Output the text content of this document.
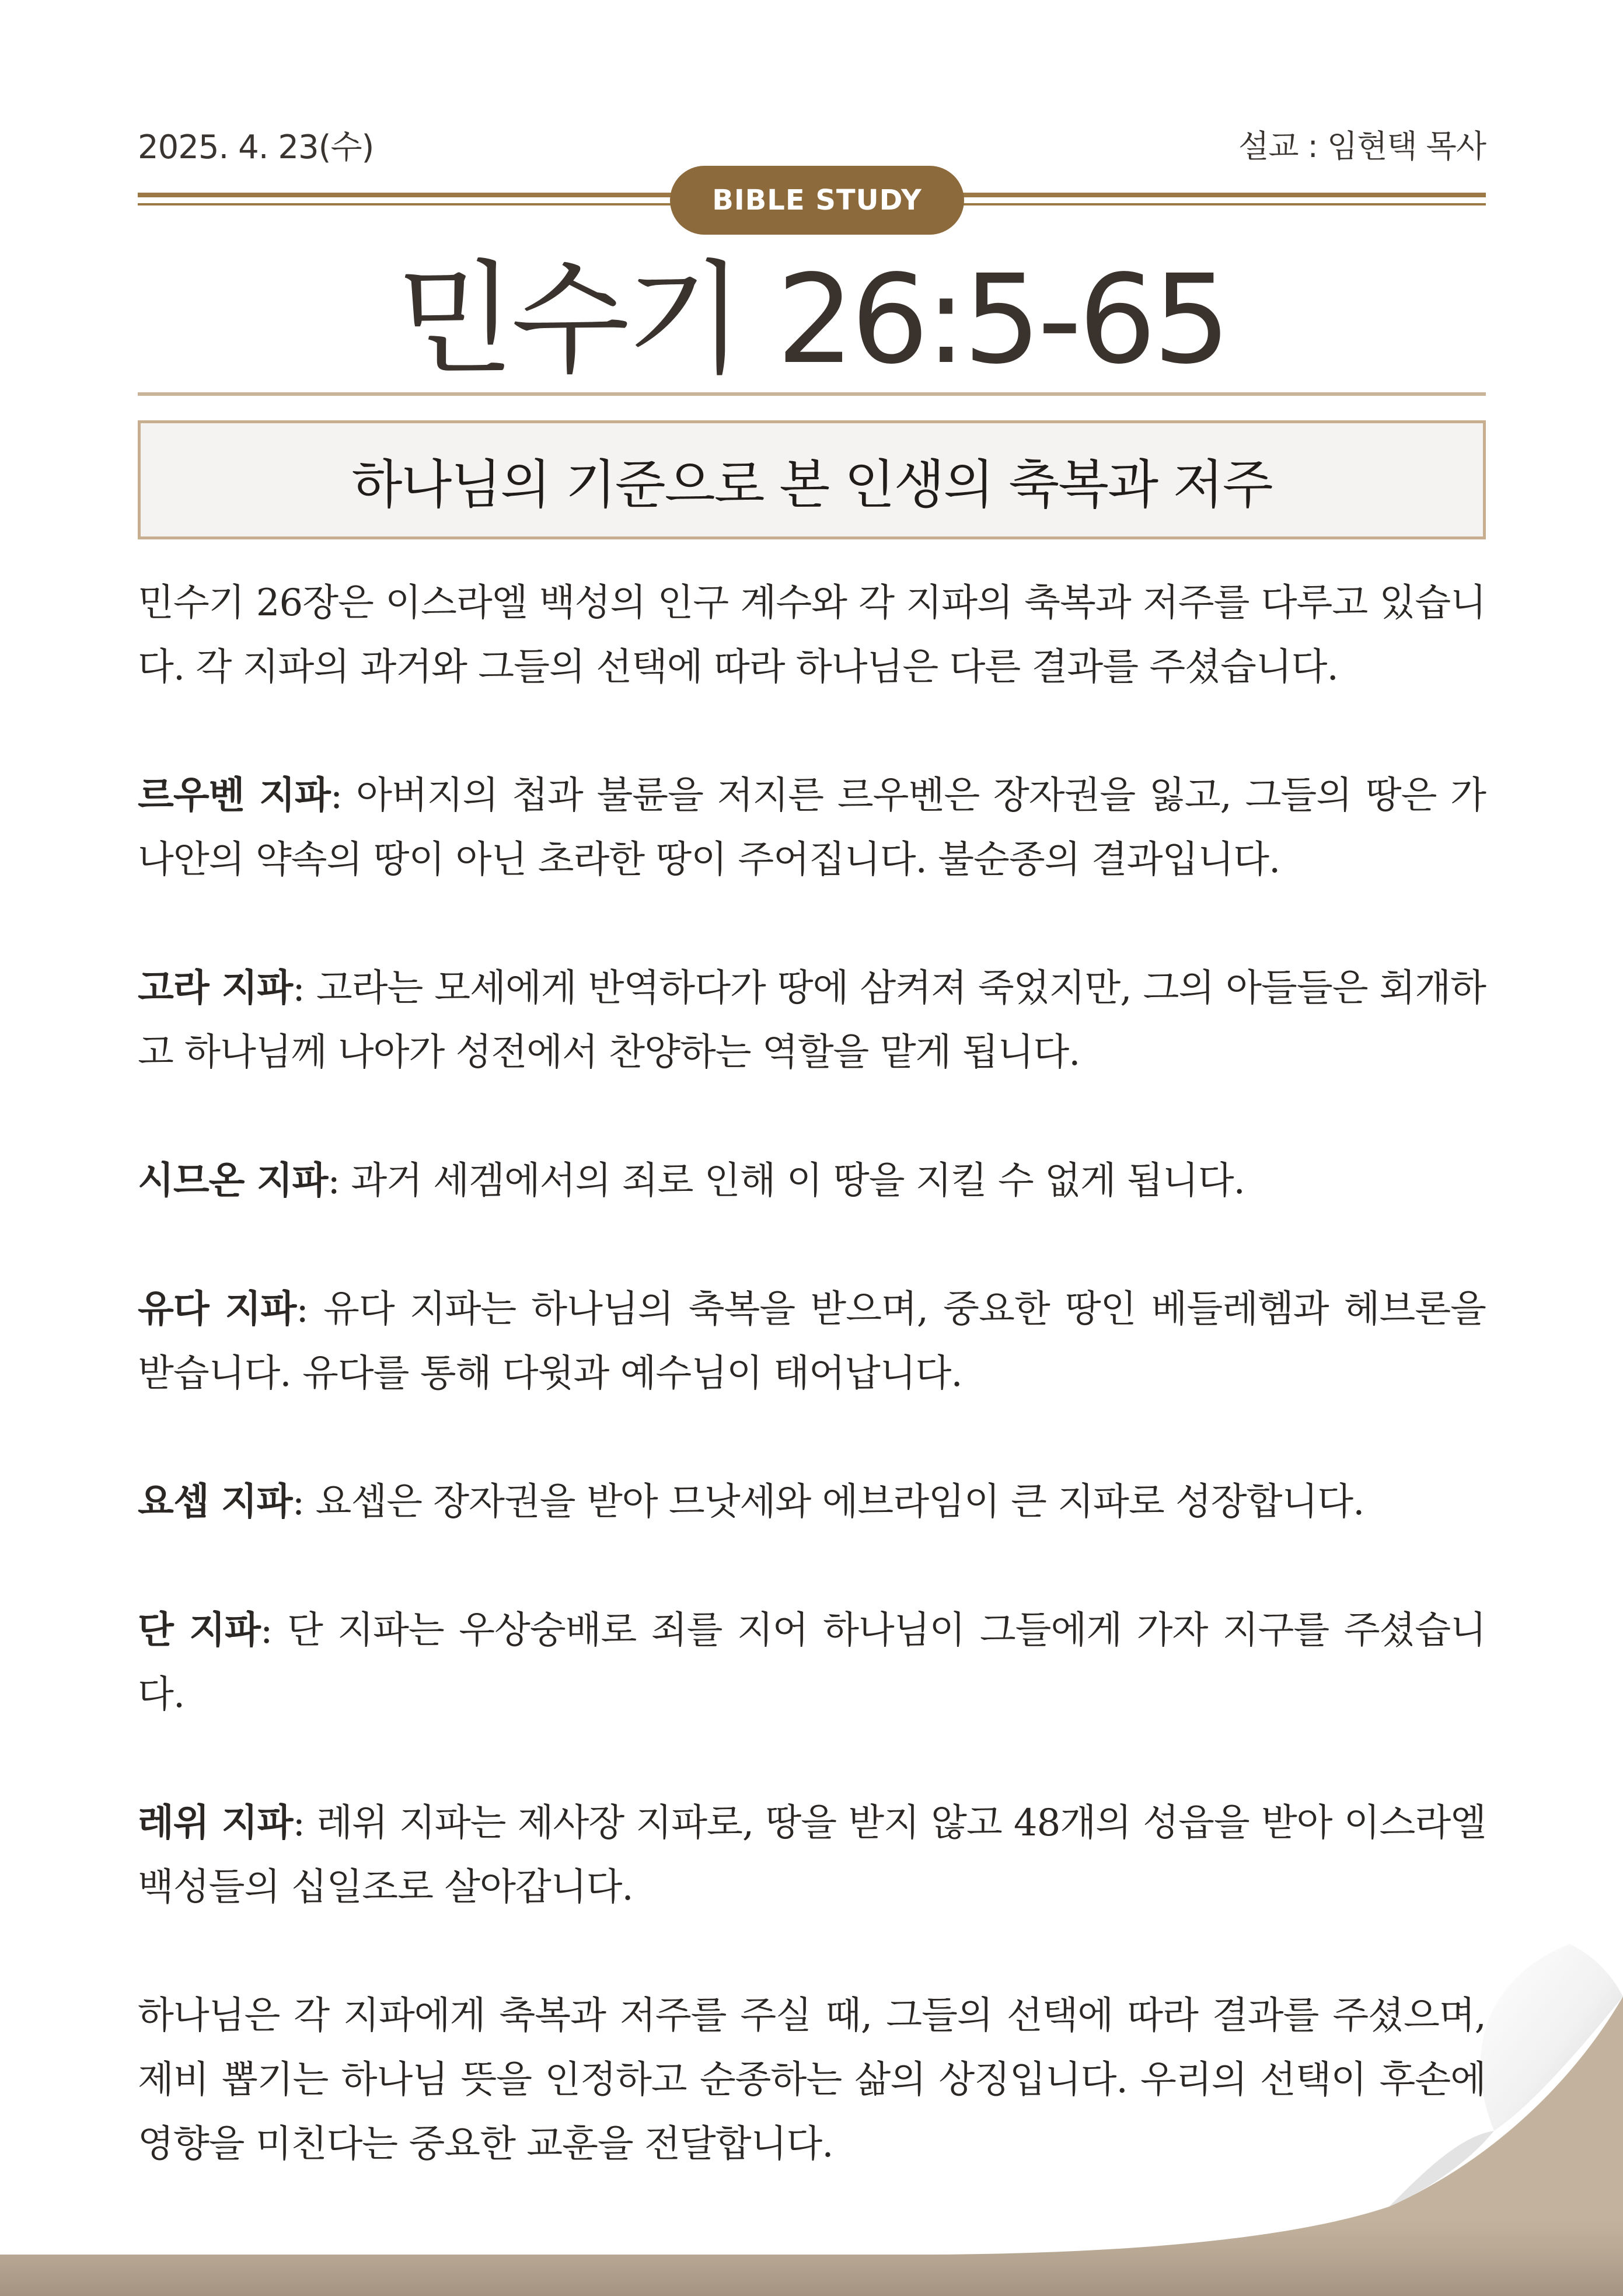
2025. 4. 23(수)	설교 : 임현택 목사
BIBLE STUDY
민수기 26:5-65
하나님의 기준으로 본 인생의 축복과 저주

민수기 26장은 이스라엘 백성의 인구 계수와 각 지파의 축복과 저주를 다루고 있습니다. 각 지파의 과거와 그들의 선택에 따라 하나님은 다른 결과를 주셨습니다.

르우벤 지파: 아버지의 첩과 불륜을 저지른 르우벤은 장자권을 잃고, 그들의 땅은 가나안의 약속의 땅이 아닌 초라한 땅이 주어집니다. 불순종의 결과입니다.

고라 지파: 고라는 모세에게 반역하다가 땅에 삼켜져 죽었지만, 그의 아들들은 회개하고 하나님께 나아가 성전에서 찬양하는 역할을 맡게 됩니다.

시므온 지파: 과거 세겜에서의 죄로 인해 이 땅을 지킬 수 없게 됩니다.

유다 지파: 유다 지파는 하나님의 축복을 받으며, 중요한 땅인 베들레헴과 헤브론을 받습니다. 유다를 통해 다윗과 예수님이 태어납니다.

요셉 지파: 요셉은 장자권을 받아 므낫세와 에브라임이 큰 지파로 성장합니다.

단 지파: 단 지파는 우상숭배로 죄를 지어 하나님이 그들에게 가자 지구를 주셨습니다.

레위 지파: 레위 지파는 제사장 지파로, 땅을 받지 않고 48개의 성읍을 받아 이스라엘 백성들의 십일조로 살아갑니다.

하나님은 각 지파에게 축복과 저주를 주실 때, 그들의 선택에 따라 결과를 주셨으며, 제비 뽑기는 하나님 뜻을 인정하고 순종하는 삶의 상징입니다. 우리의 선택이 후손에 영향을 미친다는 중요한 교훈을 전달합니다.
